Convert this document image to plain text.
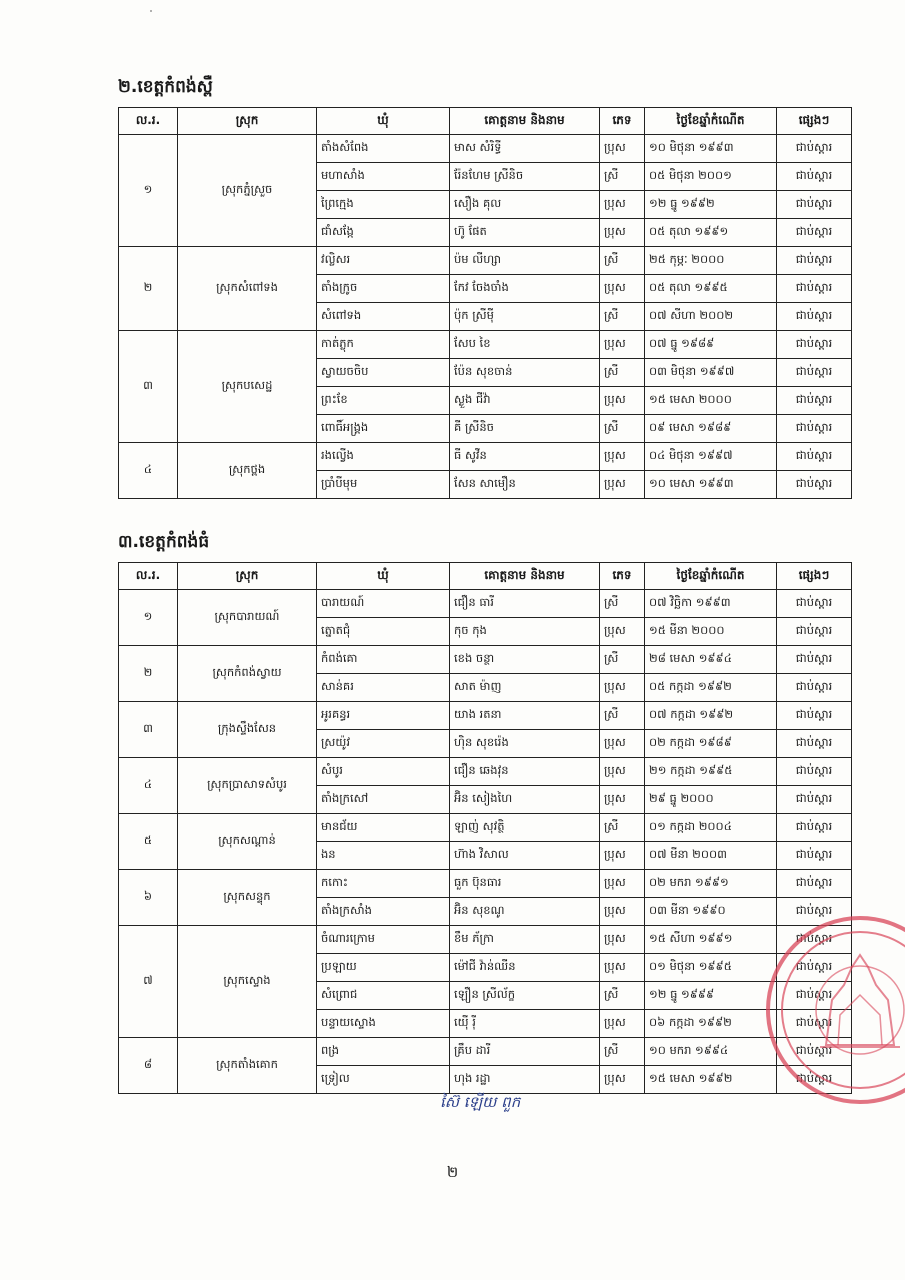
២.ខេត្តកំពង់ស្ពឺ
ល.រ.	ស្រុក	ឃុំ	គោត្តនាម និងនាម	ភេទ	ថ្ងៃខែឆ្នាំកំណើត	ផ្សេងៗ
១	ស្រុកភ្នំស្រួច	តាំងសំពែង	មាស សំរិទ្ធី	ប្រុស	១០ មិថុនា ១៩៩៣	ជាប់ស្តារ
		មហាសាំង	រ៉ែនហែម ស្រីនិច	ស្រី	០៥ មិថុនា ២០០១	ជាប់ស្តារ
		ព្រៃក្មេង	សឿង គុល	ប្រុស	១២ ធ្នូ ១៩៩២	ជាប់ស្តារ
		ជាំសង្កែ	ហ៊ូ ផែត	ប្រុស	០៥ តុលា ១៩៩១	ជាប់ស្តារ
២	ស្រុកសំពៅទង	វល្លិសរ	ប៉ម លីហ្សា	ស្រី	២៥ កុម្ភៈ ២០០០	ជាប់ស្តារ
		តាំងក្រូច	កែវ ចែងចាំង	ប្រុស	០៥ តុលា ១៩៩៥	ជាប់ស្តារ
		សំពៅទង	ប៉ុក ស្រីមុី	ស្រី	០៧ សីហា ២០០២	ជាប់ស្តារ
៣	ស្រុកបសេដ្ឋ	កាត់ភ្លុក	សែប ខៃ	ប្រុស	០៧ ធ្នូ ១៩៨៩	ជាប់ស្តារ
		ស្វាយចចិប	ប៉ែន សុខចាន់	ស្រី	០៣ មិថុនា ១៩៩៧	ជាប់ស្តារ
		ព្រះខែ	ស្ងួង ជីវ៉ា	ប្រុស	១៥ មេសា ២០០០	ជាប់ស្តារ
		ពោធិ៍អង្គ្រង	គី ស្រីនិច	ស្រី	០៩ មេសា ១៩៨៩	ជាប់ស្តារ
៤	ស្រុកថ្ពង	រងល្វើង	ធី សូវីន	ប្រុស	០៤ មិថុនា ១៩៩៧	ជាប់ស្តារ
		ប្រាំបីមុម	សែន សាមឿន	ប្រុស	១០ មេសា ១៩៩៣	ជាប់ស្តារ
៣.ខេត្តកំពង់ធំ
ល.រ.	ស្រុក	ឃុំ	គោត្តនាម និងនាម	ភេទ	ថ្ងៃខែឆ្នាំកំណើត	ផ្សេងៗ
១	ស្រុកបារាយណ៍	បារាយណ៍	ជឿន ធារី	ស្រី	០៧ វិច្ឆិកា ១៩៩៣	ជាប់ស្តារ
		ត្នោតជុំ	កុច កុង	ប្រុស	១៥ មីនា ២០០០	ជាប់ស្តារ
២	ស្រុកកំពង់ស្វាយ	កំពង់គោ	ខេង ចន្ថា	ស្រី	២៨ មេសា ១៩៩៤	ជាប់ស្តារ
		សាន់គរ	សាត ម៉ាញ	ប្រុស	០៥ កក្កដា ១៩៩២	ជាប់ស្តារ
៣	ក្រុងស្ទឹងសែន	អូរគន្ធរ	យាង រតនា	ស្រី	០៧ កក្កដា ១៩៩២	ជាប់ស្តារ
		ស្រយ៉ូវ	ហ៊ិន សុខរ៉េង	ប្រុស	០២ កក្កដា ១៩៨៩	ជាប់ស្តារ
៤	ស្រុកប្រាសាទសំបូរ	សំបូរ	ជឿន ឆេងវុន	ប្រុស	២១ កក្កដា ១៩៩៥	ជាប់ស្តារ
		តាំងក្រសៅ	អ៊ិន សៀងហៃ	ប្រុស	២៩ ធ្នូ ២០០០	ជាប់ស្តារ
៥	ស្រុកសណ្តាន់	មានជ័យ	ឡាញ់ សុវត្ថិ	ស្រី	០១ កក្កដា ២០០៤	ជាប់ស្តារ
		ងន	ហ៊ាង វិសាល	ប្រុស	០៧ មីនា ២០០៣	ជាប់ស្តារ
៦	ស្រុកសន្ទុក	កកោះ	ធួក ប៊ុនធារ	ប្រុស	០២ មករា ១៩៩១	ជាប់ស្តារ
		តាំងក្រសាំង	អ៊ិន សុខណូ	ប្រុស	០៣ មីនា ១៩៩០	ជាប់ស្តារ
៧	ស្រុកស្ទោង	ចំណារក្រោម	ខឹម ភ័ក្រា	ប្រុស	១៥ សីហា ១៩៩១	ជាប់ស្តារ
		ប្រឡាយ	ម៉ៅជី វ៉ាន់ឈីន	ប្រុស	០១ មិថុនា ១៩៩៥	ជាប់ស្តារ
		សំព្រោជ	ឡឿន ស្រីល័ក្ខ	ស្រី	១២ ធ្នូ ១៩៩៩	ជាប់ស្តារ
		បន្ទាយស្ទោង	យ៉ើ រ៉ី	ប្រុស	០៦ កក្កដា ១៩៩២	ជាប់ស្តារ
៨	ស្រុកតាំងគោក	ពង្រ	គ្រឹប ដារី	ស្រី	១០ មករា ១៩៩៤	ជាប់ស្តារ
		ទ្រៀល	ហុង រដ្ឋា	ប្រុស	១៥ មេសា ១៩៩២	ជាប់ស្តារ
ស៊ៃ ឡើយ ពួក
២
